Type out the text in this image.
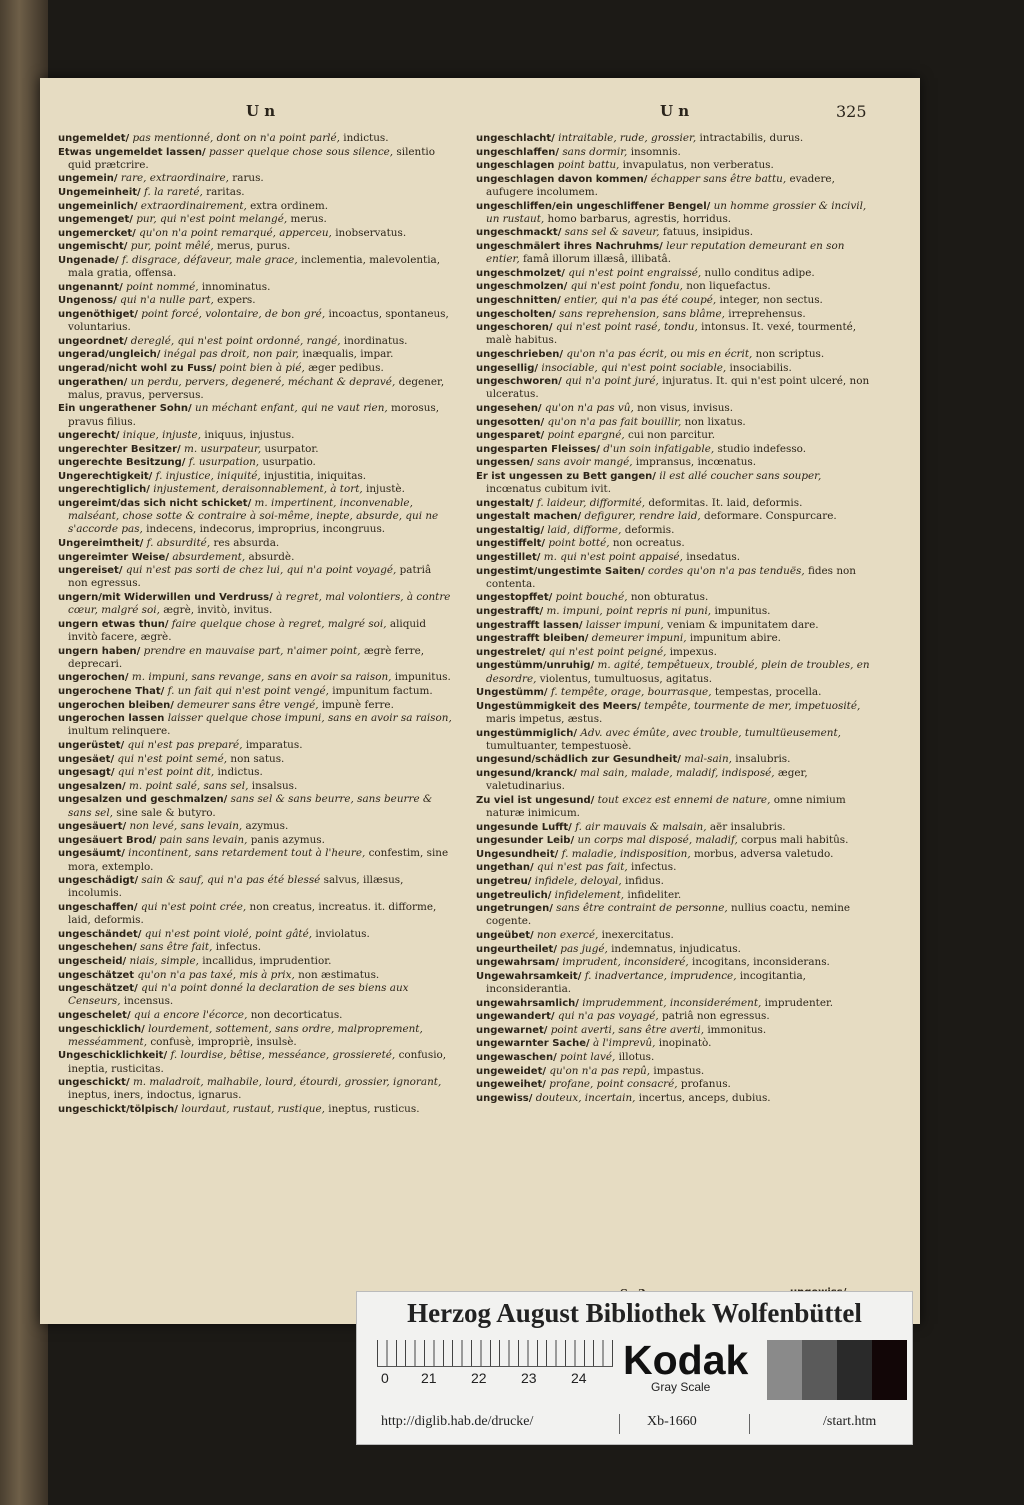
U n	U n	325
ungemeldet/ pas mentionné, dont on n'a point parlé, indictus.
Etwas ungemeldet lassen/ passer quelque chose sous silence, silentio quid prætcrire.
ungemein/ rare, extraordinaire, rarus.
Ungemeinheit/ f. la rareté, raritas.
ungemeinlich/ extraordinairement, extra ordinem.
ungemenget/ pur, qui n'est point melangé, merus.
ungemercket/ qu'on n'a point remarqué, apperceu, inobservatus.
ungemischt/ pur, point mêlé, merus, purus.
Ungenade/ f. disgrace, défaveur, male grace, inclementia, malevolentia, mala gratia, offensa.
ungenannt/ point nommé, innominatus.
Ungenoss/ qui n'a nulle part, expers.
ungenöthiget/ point forcé, volontaire, de bon gré, incoactus, spontaneus, voluntarius.
ungeordnet/ dereglé, qui n'est point ordonné, rangé, inordinatus.
ungerad/ungleich/ inégal pas droit, non pair, inæqualis, impar.
ungerad/nicht wohl zu Fuss/ point bien à pié, æger pedibus.
ungerathen/ un perdu, pervers, degeneré, méchant & depravé, degener, malus, pravus, perversus.
Ein ungerathener Sohn/ un méchant enfant, qui ne vaut rien, morosus, pravus filius.
ungerecht/ inique, injuste, iniquus, injustus.
ungerechter Besitzer/ m. usurpateur, usurpator.
ungerechte Besitzung/ f. usurpation, usurpatio.
Ungerechtigkeit/ f. injustice, iniquité, injustitia, iniquitas.
ungerechtiglich/ injustement, deraisonnablement, à tort, injustè.
ungereimt/das sich nicht schicket/ m. impertinent, inconvenable, malséant, chose sotte & contraire à soi-même, inepte, absurde, qui ne s'accorde pas, indecens, indecorus, improprius, incongruus.
Ungereimtheit/ f. absurdité, res absurda.
ungereimter Weise/ absurdement, absurdè.
ungereiset/ qui n'est pas sorti de chez lui, qui n'a point voyagé, patriâ non egressus.
ungern/mit Widerwillen und Verdruss/ à regret, mal volontiers, à contre cœur, malgré soi, ægrè, invitò, invitus.
ungern etwas thun/ faire quelque chose à regret, malgré soi, aliquid invitò facere, ægrè.
ungern haben/ prendre en mauvaise part, n'aimer point, ægrè ferre, deprecari.
ungerochen/ m. impuni, sans revange, sans en avoir sa raison, impunitus.
ungerochene That/ f. un fait qui n'est point vengé, impunitum factum.
ungerochen bleiben/ demeurer sans être vengé, impunè ferre.
ungerochen lassen laisser quelque chose impuni, sans en avoir sa raison, inultum relinquere.
ungerüstet/ qui n'est pas preparé, imparatus.
ungesäet/ qui n'est point semé, non satus.
ungesagt/ qui n'est point dit, indictus.
ungesalzen/ m. point salé, sans sel, insalsus.
ungesalzen und geschmalzen/ sans sel & sans beurre, sans beurre & sans sel, sine sale & butyro.
ungesäuert/ non levé, sans levain, azymus.
ungesäuert Brod/ pain sans levain, panis azymus.
ungesäumt/ incontinent, sans retardement tout à l'heure, confestim, sine mora, extemplo.
ungeschädigt/ sain & sauf, qui n'a pas été blessé salvus, illæsus, incolumis.
ungeschaffen/ qui n'est point crée, non creatus, increatus. it. difforme, laid, deformis.
ungeschändet/ qui n'est point violé, point gâté, inviolatus.
ungeschehen/ sans être fait, infectus.
ungescheid/ niais, simple, incallidus, imprudentior.
ungeschätzet qu'on n'a pas taxé, mis à prix, non æstimatus.
ungeschätzet/ qui n'a point donné la declaration de ses biens aux Censeurs, incensus.
ungeschelet/ qui a encore l'écorce, non decorticatus.
ungeschicklich/ lourdement, sottement, sans ordre, malproprement, messéamment, confusè, impropriè, insulsè.
Ungeschicklichkeit/ f. lourdise, bêtise, messéance, grossiereté, confusio, ineptia, rusticitas.
ungeschickt/ m. maladroit, malhabile, lourd, étourdi, grossier, ignorant, ineptus, iners, indoctus, ignarus.
ungeschickt/tölpisch/ lourdaut, rustaut, rustique, ineptus, rusticus.
ungeschlacht/ intraitable, rude, grossier, intractabilis, durus.
ungeschlaffen/ sans dormir, insomnis.
ungeschlagen point battu, invapulatus, non verberatus.
ungeschlagen davon kommen/ échapper sans être battu, evadere, aufugere incolumem.
ungeschliffen/ein ungeschliffener Bengel/ un homme grossier & incivil, un rustaut, homo barbarus, agrestis, horridus.
ungeschmackt/ sans sel & saveur, fatuus, insipidus.
ungeschmälert ihres Nachruhms/ leur reputation demeurant en son entier, famâ illorum illæsâ, illibatâ.
ungeschmolzet/ qui n'est point engraissé, nullo conditus adipe.
ungeschmolzen/ qui n'est point fondu, non liquefactus.
ungeschnitten/ entier, qui n'a pas été coupé, integer, non sectus.
ungescholten/ sans reprehension, sans blâme, irreprehensus.
ungeschoren/ qui n'est point rasé, tondu, intonsus. It. vexé, tourmenté, malè habitus.
ungeschrieben/ qu'on n'a pas écrit, ou mis en écrit, non scriptus.
ungesellig/ insociable, qui n'est point sociable, insociabilis.
ungeschworen/ qui n'a point juré, injuratus. It. qui n'est point ulceré, non ulceratus.
ungesehen/ qu'on n'a pas vû, non visus, invisus.
ungesotten/ qu'on n'a pas fait bouillir, non lixatus.
ungesparet/ point epargné, cui non parcitur.
ungesparten Fleisses/ d'un soin infatigable, studio indefesso.
ungessen/ sans avoir mangé, impransus, incœnatus.
Er ist ungessen zu Bett gangen/ il est allé coucher sans souper, incœnatus cubitum ivit.
ungestalt/ f. laideur, difformité, deformitas. It. laid, deformis.
ungestalt machen/ defigurer, rendre laid, deformare. Conspurcare.
ungestaltig/ laid, difforme, deformis.
ungestiffelt/ point botté, non ocreatus.
ungestillet/ m. qui n'est point appaisé, insedatus.
ungestimt/ungestimte Saiten/ cordes qu'on n'a pas tenduës, fides non contenta.
ungestopffet/ point bouché, non obturatus.
ungestrafft/ m. impuni, point repris ni puni, impunitus.
ungestrafft lassen/ laisser impuni, veniam & impunitatem dare.
ungestrafft bleiben/ demeurer impuni, impunitum abire.
ungestrelet/ qui n'est point peigné, impexus.
ungestümm/unruhig/ m. agité, tempêtueux, troublé, plein de troubles, en desordre, violentus, tumultuosus, agitatus.
Ungestümm/ f. tempête, orage, bourrasque, tempestas, procella.
Ungestümmigkeit des Meers/ tempête, tourmente de mer, impetuosité, maris impetus, æstus.
ungestümmiglich/ Adv. avec émûte, avec trouble, tumultüeusement, tumultuanter, tempestuosè.
ungesund/schädlich zur Gesundheit/ mal-sain, insalubris.
ungesund/kranck/ mal sain, malade, maladif, indisposé, æger, valetudinarius.
Zu viel ist ungesund/ tout excez est ennemi de nature, omne nimium naturæ inimicum.
ungesunde Lufft/ f. air mauvais & malsain, aër insalubris.
ungesunder Leib/ un corps mal disposé, maladif, corpus mali habitûs.
Ungesundheit/ f. maladie, indisposition, morbus, adversa valetudo.
ungethan/ qui n'est pas fait, infectus.
ungetreu/ infidele, deloyal, infidus.
ungetreulich/ infidelement, infideliter.
ungetrungen/ sans être contraint de personne, nullius coactu, nemine cogente.
ungeübet/ non exercé, inexercitatus.
ungeurtheilet/ pas jugé, indemnatus, injudicatus.
ungewahrsam/ imprudent, inconsideré, incogitans, inconsiderans.
Ungewahrsamkeit/ f. inadvertance, imprudence, incogitantia, inconsiderantia.
ungewahrsamlich/ imprudemment, inconsiderément, imprudenter.
ungewandert/ qui n'a pas voyagé, patriâ non egressus.
ungewarnet/ point averti, sans être averti, immonitus.
ungewarnter Sache/ à l'imprevû, inopinatò.
ungewaschen/ point lavé, illotus.
ungeweidet/ qu'on n'a pas repû, impastus.
ungeweihet/ profane, point consacré, profanus.
ungewiss/ douteux, incertain, incertus, anceps, dubius.
Herzog August Bibliothek Wolfenbüttel
0 21 22 23 24 Kodak
Gray Scale
http://diglib.hab.de/drucke/	Xb-1660	/start.htm
